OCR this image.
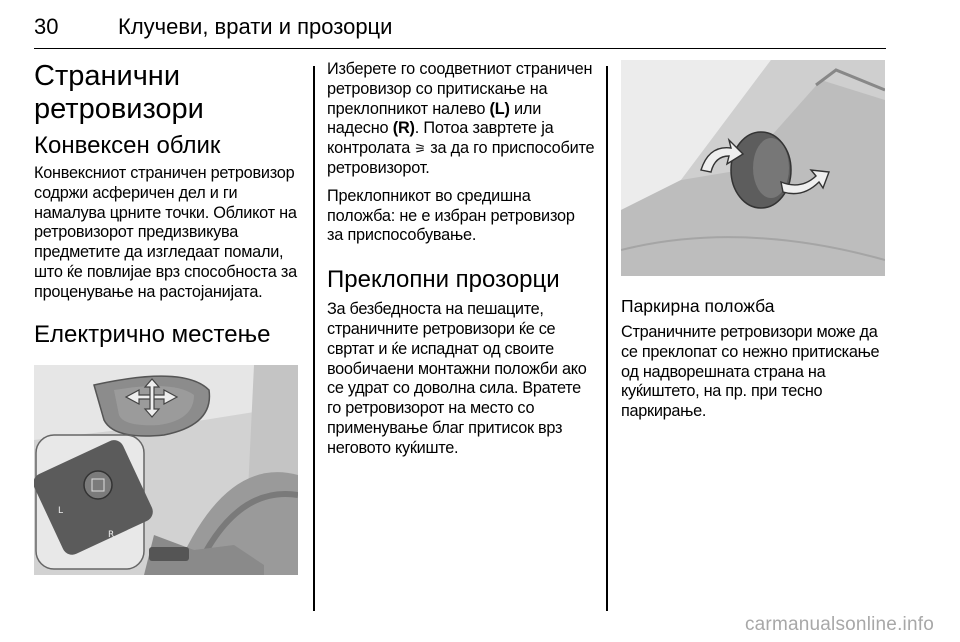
30	Клучеви, врати и прозорци
Странични ретровизори
Конвексен облик

Конвексниот страничен ретровизор содржи асферичен дел и ги намалува црните точки. Обликот на ретровизорот предизвикува предметите да изгледаат помали, што ќе повлијае врз способноста за проценување на растојанијата.

Електрично местење
L
R

Изберете го соодветниот страничен ретровизор со притискање на преклопникот налево (L) или надесно (R). Потоа завртете ја контролата ⚞ за да го приспособите ретровизорот.

Преклопникот во средишна положба: не е избран ретровизор за приспособување.

Преклопни прозорци

За безбедноста на пешаците, страничните ретровизори ќе се свртат и ќе испаднат од своите вообичаени монтажни положби ако се удрат со доволна сила. Вратете го ретровизорот на место со применување благ притисок врз неговото куќиште.

Паркирна положба

Страничните ретровизори може да се преклопат со нежно притискање од надворешната страна на куќиштето, на пр. при тесно паркирање.

carmanualsonline.info
